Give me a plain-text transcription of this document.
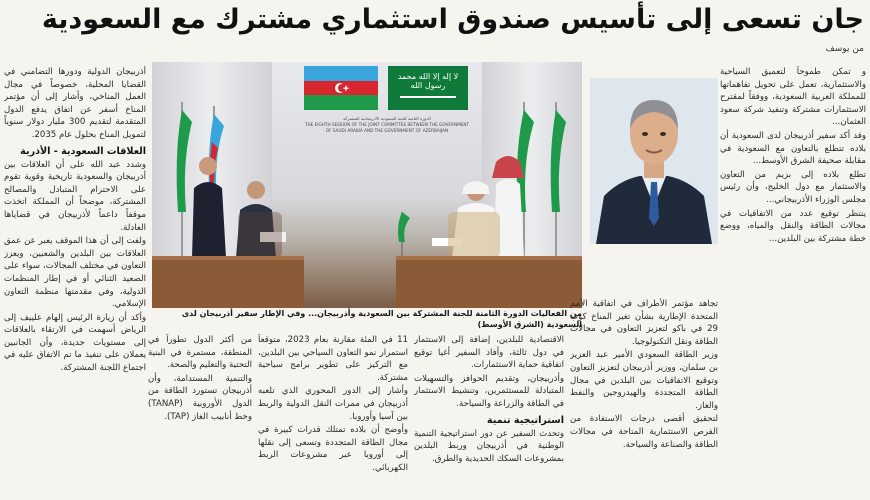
جان تسعى إلى تأسيس صندوق استثماري مشترك مع السعودية
من يوسف

و تمكن طموحاً لتعميق السياحية والاستثمارية، تعمل على تحويل تفاهماتها للمملكة العربية السعودية، ووفقاً لمقترح الاستثمارات مشتركة وتنفيذ شركة سعود العثمان...

وقد أكد سفير أذربيجان لدى السعودية أن بلاده تتطلع بالتعاون مع السعودية في مقابلة صحيفة الشرق الأوسط...

تطلع بلاده إلى بزيم من التعاون والاستثمار مع دول الخليج، وأن رئيس مجلس الوزراء الأذربيجاني...

ينتظر توقيع عدد من الاتفاقيات في مجالات الطاقة والنقل والمياه، ووضع خطة مشتركة بين البلدين...

لا إله إلا الله محمد رسول الله
الدورة الثامنة للجنة السعودية الأذربيجانية المشتركة
THE EIGHTH SESSION OF THE JOINT COMMITTEE BETWEEN THE GOVERNMENT OF SAUDI ARABIA AND THE GOVERNMENT OF AZERBAIJAN
من الفعاليات الدورة الثامنة للجنة المشتركة بين السعودية وأذربيجان... وفي الإطار سفير أذربيجان لدى السعودية (الشرق الأوسط)

تجاهد مؤتمر الأطراف في اتفاقية الأمم المتحدة الإطارية بشأن تغير المناخ كوب 29 في باكو لتعزيز التعاون في مجالات الطاقة ونقل التكنولوجيا.

وزير الطاقة السعودي الأمير عبد العزيز بن سلمان، ووزير أذربيجان لتعزيز التعاون وتوقيع الاتفاقيات بين البلدين في مجال الطاقة المتجددة والهيدروجين والنفط والغاز.

لتحقيق أقصى درجات الاستفادة من الفرص الاستثمارية المتاحة في مجالات الطاقة والصناعة والسياحة.

الاقتصادية للبلدين، إضافة إلى الاستثمار في دول ثالثة، وأفاد السفير أغيا توقيع اتفاقية حماية الاستثمارات.

وأذربيجان، وتقديم الحوافز والتسهيلات المتبادلة للمستثمرين، وتنشيط الاستثمار في الطاقة والزراعة والسياحة.

استراتيجية تنمية

وتحدث السفير عن دور استراتيجية التنمية الوطنية في أذربيجان وربط البلدين بمشروعات السكك الحديدية والطرق.

11 في المئة مقارنة بعام 2023، متوقعاً استمرار نمو التعاون السياحي بين البلدين، مع التركيز على تطوير برامج سياحية مشتركة.

وأشار إلى الدور المحوري الذي تلعبه أذربيجان في ممرات النقل الدولية والربط بين آسيا وأوروبا.

وأوضح أن بلاده تمتلك قدرات كبيرة في مجال الطاقة المتجددة وتسعى إلى نقلها إلى أوروبا عبر مشروعات الربط الكهربائي.

من أكثر الدول تطوراً في المنطقة، مستمرة في البنية التحتية والتعليم والصحة.

والتنمية المستدامة، وأن أذربيجان تستورد الطاقة من الدول الأوروبية (TANAP) وخط أنابيب الغاز (TAP).

أذربيجان الدولية ودورها التضامني في القضايا المحلية، خصوصاً في مجال العمل المناخي، وأشار إلى أن مؤتمر المناخ أسفر عن اتفاق يدفع الدول المتقدمة لتقديم 300 مليار دولار سنوياً لتمويل المناخ بحلول عام 2035.

العلاقات السعودية - الأذرية

وشدد عبد الله على أن العلاقات بين أذربيجان والسعودية تاريخية وقوية تقوم على الاحترام المتبادل والمصالح المشتركة، موضحاً أن المملكة اتخذت موقفاً داعماً لأذربيجان في قضاياها العادلة.

ولفت إلى أن هذا الموقف يعبر عن عمق العلاقات بين البلدين والشعبين، ويعزز التعاون في مختلف المجالات، سواء على الصعيد الثنائي أو في إطار المنظمات الدولية، وفي مقدمتها منظمة التعاون الإسلامي.

وأكد أن زيارة الرئيس إلهام علييف إلى الرياض أسهمت في الارتقاء بالعلاقات إلى مستويات جديدة، وأن الجانبين يعملان على تنفيذ ما تم الاتفاق عليه في اجتماع اللجنة المشتركة.
